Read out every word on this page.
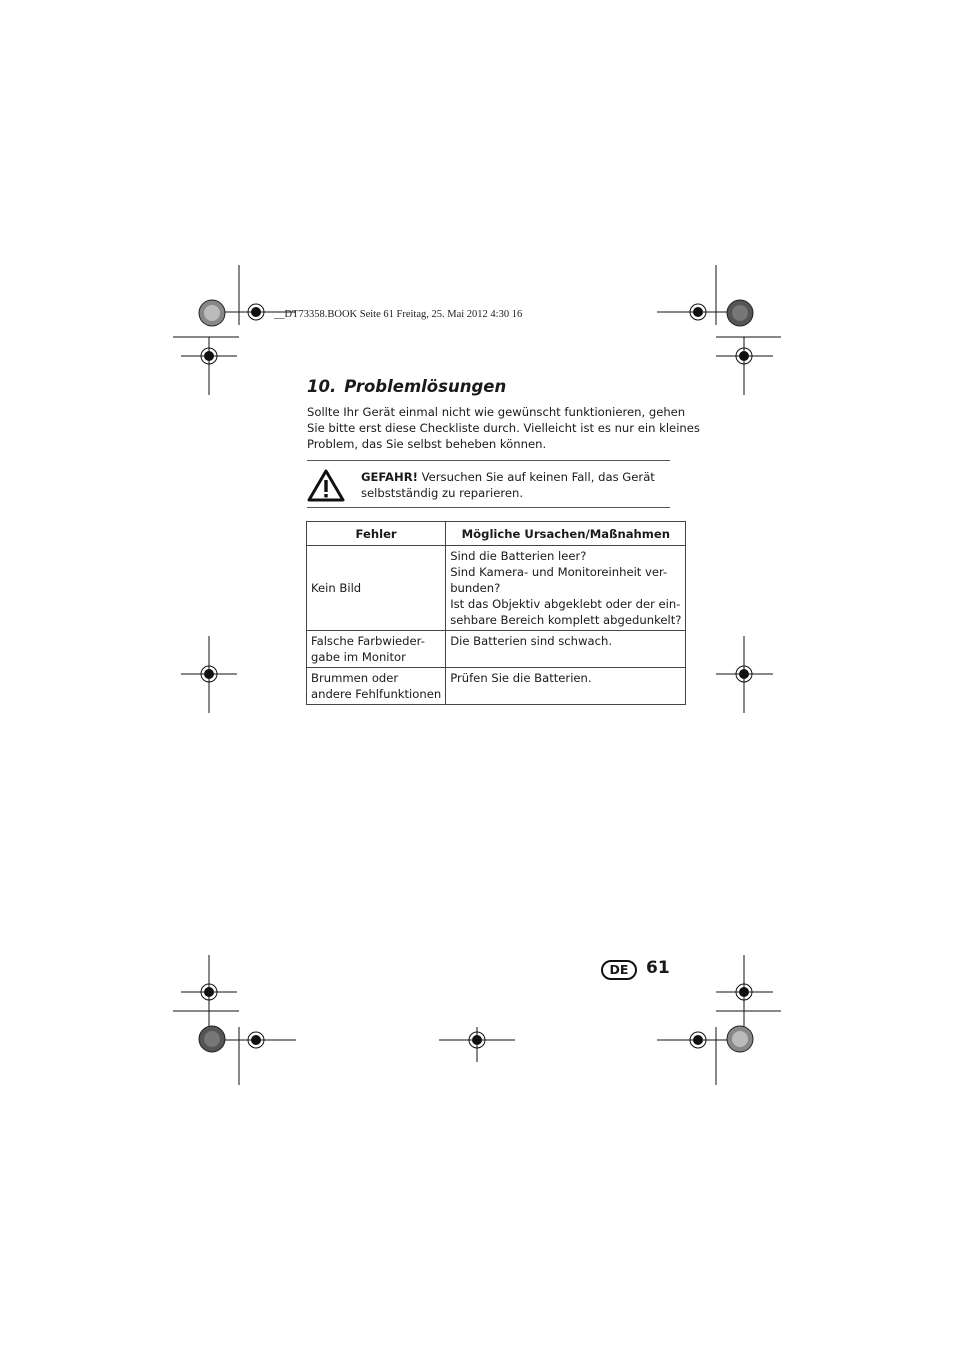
__DT73358.BOOK Seite 61 Freitag, 25. Mai 2012 4:30 16
10. Problemlösungen
Sollte Ihr Gerät einmal nicht wie gewünscht funktionieren, gehen
Sie bitte erst diese Checkliste durch. Vielleicht ist es nur ein kleines
Problem, das Sie selbst beheben können.
GEFAHR! Versuchen Sie auf keinen Fall, das Gerät
selbstständig zu reparieren.
Fehler	Mögliche Ursachen/Maßnahmen

Kein Bild	Sind die Batterien leer?
Sind Kamera- und Monitoreinheit ver-
bunden?
Ist das Objektiv abgeklebt oder der ein-
sehbare Bereich komplett abgedunkelt?

Falsche Farbwieder-
gabe im Monitor	Die Batterien sind schwach.

Brummen oder
andere Fehlfunktionen	Prüfen Sie die Batterien.
DE	61
